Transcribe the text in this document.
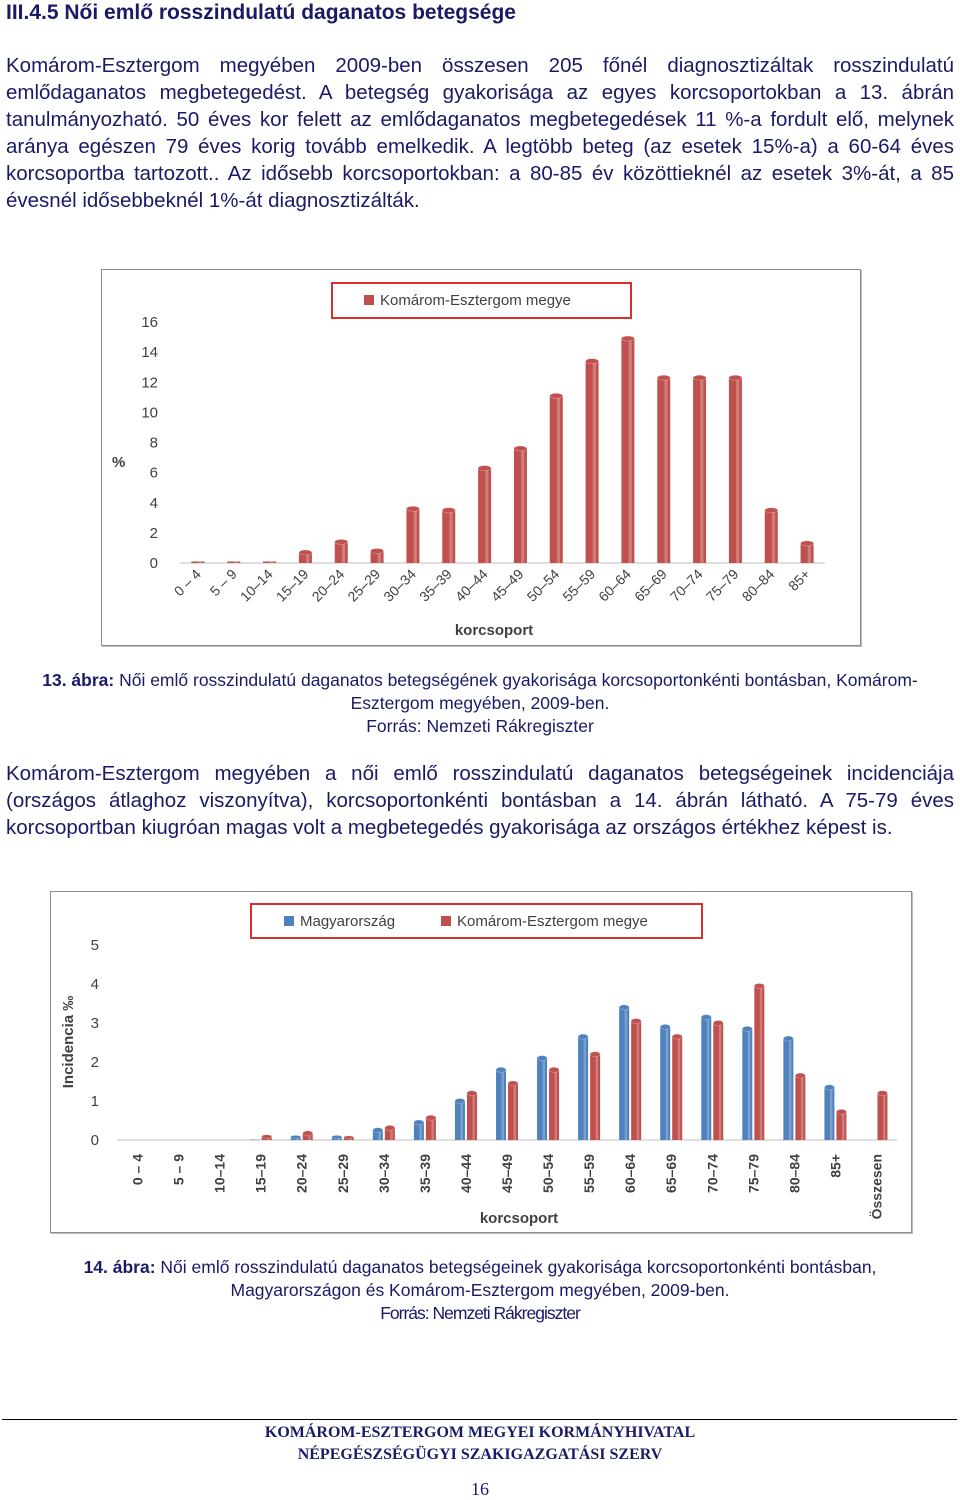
III.4.5 Női emlő rosszindulatú daganatos betegsége
Komárom-Esztergom megyében 2009-ben összesen 205 főnél diagnosztizáltak rosszindulatú emlődaganatos megbetegedést. A betegség gyakorisága az egyes korcsoportokban a 13. ábrán tanulmányozható. 50 éves kor felett az emlődaganatos megbetegedések 11 %-a fordult elő, melynek aránya egészen 79 éves korig tovább emelkedik. A legtöbb beteg (az esetek 15%-a) a 60-64 éves korcsoportba tartozott.. Az idősebb korcsoportokban: a 80-85 év közöttieknél az esetek 3%-át, a 85 évesnél idősebbeknél 1%-át diagnosztizálták.
Komárom-Esztergom megye
0
2
4
6
8
10
12
14
16
%
0 – 4 5 – 9
10–14
15–19
20–24
25–29
30–34
35–39
40–44
45–49
50–54
55–59
60–64
65–69
70–74
75–79
80–84 85+
korcsoport
13. ábra: Női emlő rosszindulatú daganatos betegségének gyakorisága korcsoportonkénti bontásban, Komárom-Esztergom megyében, 2009-ben.
Forrás: Nemzeti Rákregiszter
Komárom-Esztergom megyében a női emlő rosszindulatú daganatos betegségeinek incidenciája (országos átlaghoz viszonyítva), korcsoportonkénti bontásban a 14. ábrán látható. A 75-79 éves korcsoportban kiugróan magas volt a megbetegedés gyakorisága az országos értékhez képest is.
Magyarország	Komárom-Esztergom megye
0
1
2
3
4
5
Incidencia ‰
0 – 4 5 – 9 10–14 15–19 20–24 25–29 30–34 35–39 40–44 45–49 50–54 55–59 60–64 65–69 70–74 75–79 80–84 85+ Összesen
korcsoport
14. ábra: Női emlő rosszindulatú daganatos betegségeinek gyakorisága korcsoportonkénti bontásban, Magyarországon és Komárom-Esztergom megyében, 2009-ben.
Forrás: Nemzeti Rákregiszter
KOMÁROM-ESZTERGOM MEGYEI KORMÁNYHIVATAL
NÉPEGÉSZSÉGÜGYI SZAKIGAZGATÁSI SZERV
16
